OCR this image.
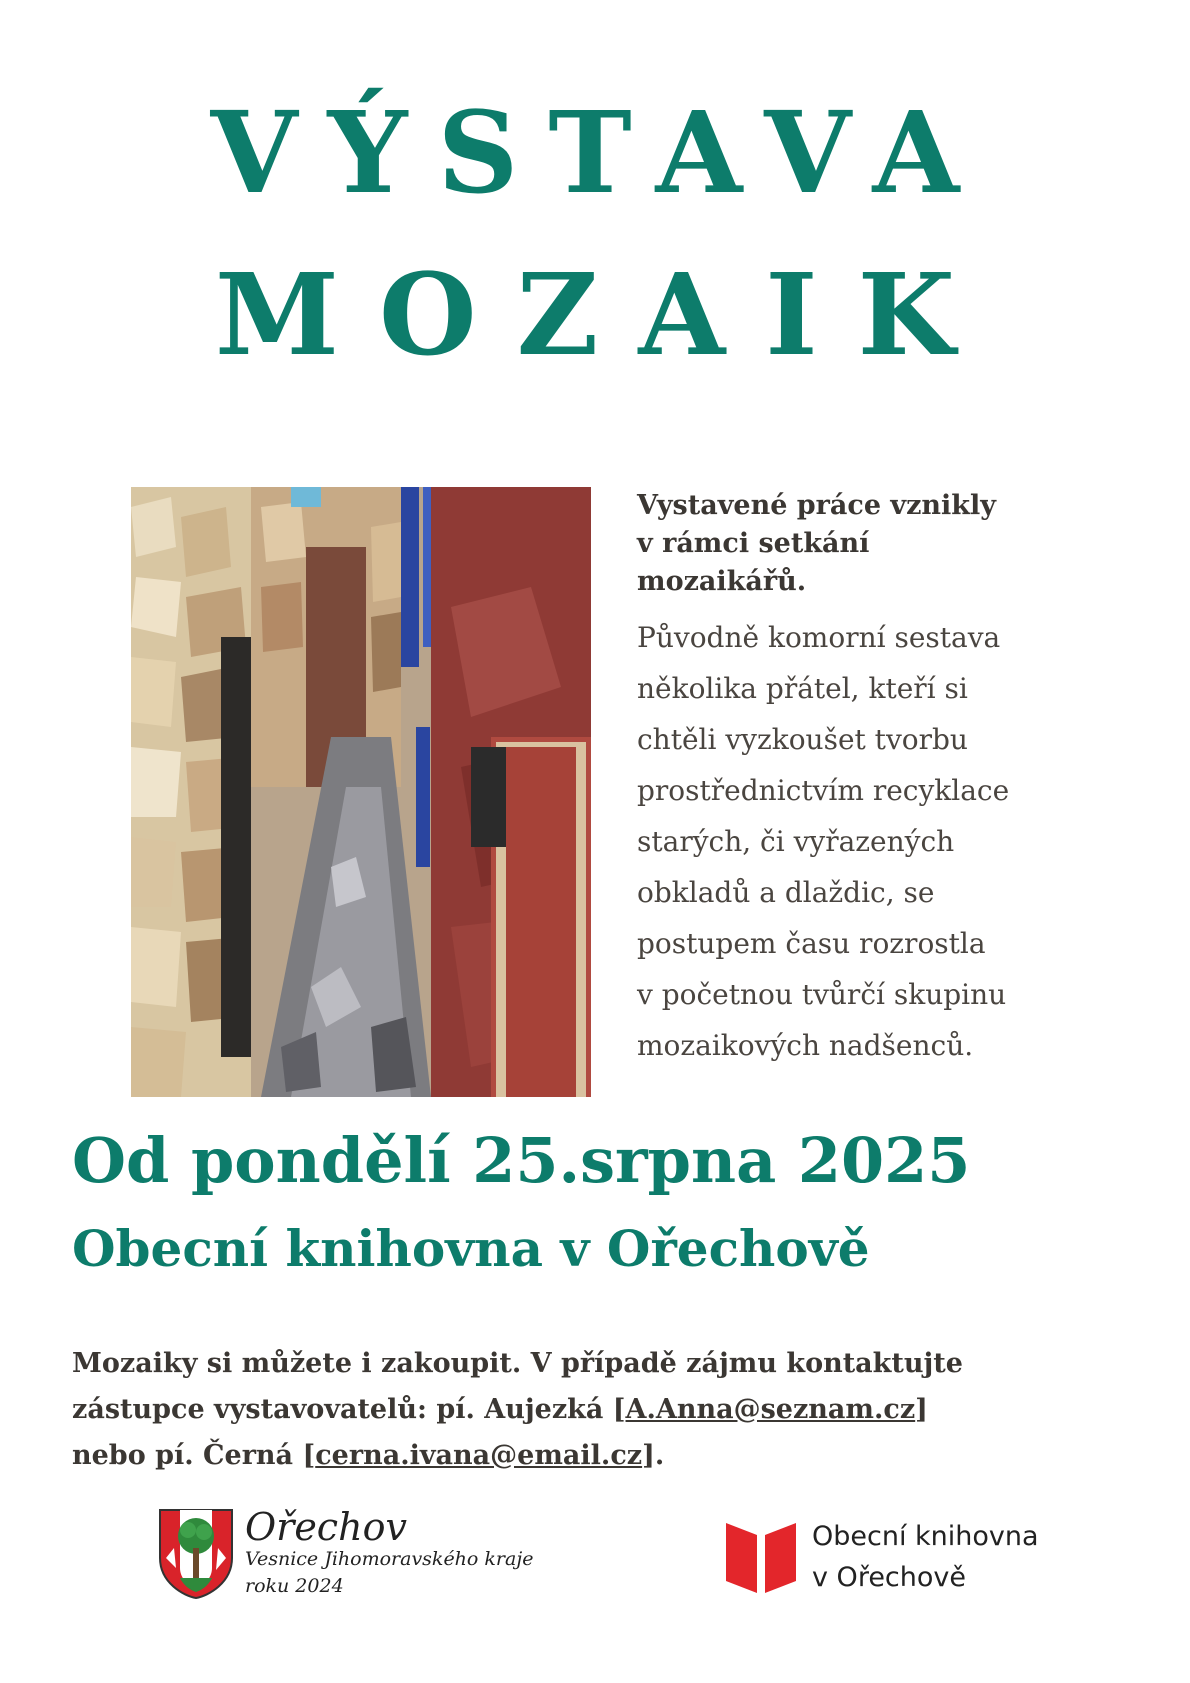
VÝSTAVA
MOZAIK

Vystavené práce vznikly
v rámci setkání
mozaikářů.

Původně komorní sestava
několika přátel, kteří si
chtěli vyzkoušet tvorbu
prostřednictvím recyklace
starých, či vyřazených
obkladů a dlaždic, se
postupem času rozrostla
v početnou tvůrčí skupinu
mozaikových nadšenců.

Od pondělí 25.srpna 2025
Obecní knihovna v Ořechově

Mozaiky si můžete i zakoupit. V případě zájmu kontaktujte
zástupce vystavovatelů: pí. Aujezká [A.Anna@seznam.cz]
nebo pí. Černá [cerna.ivana@email.cz].

Ořechov

Vesnice Jihomoravského kraje

roku 2024

Obecní knihovna

v Ořechově
